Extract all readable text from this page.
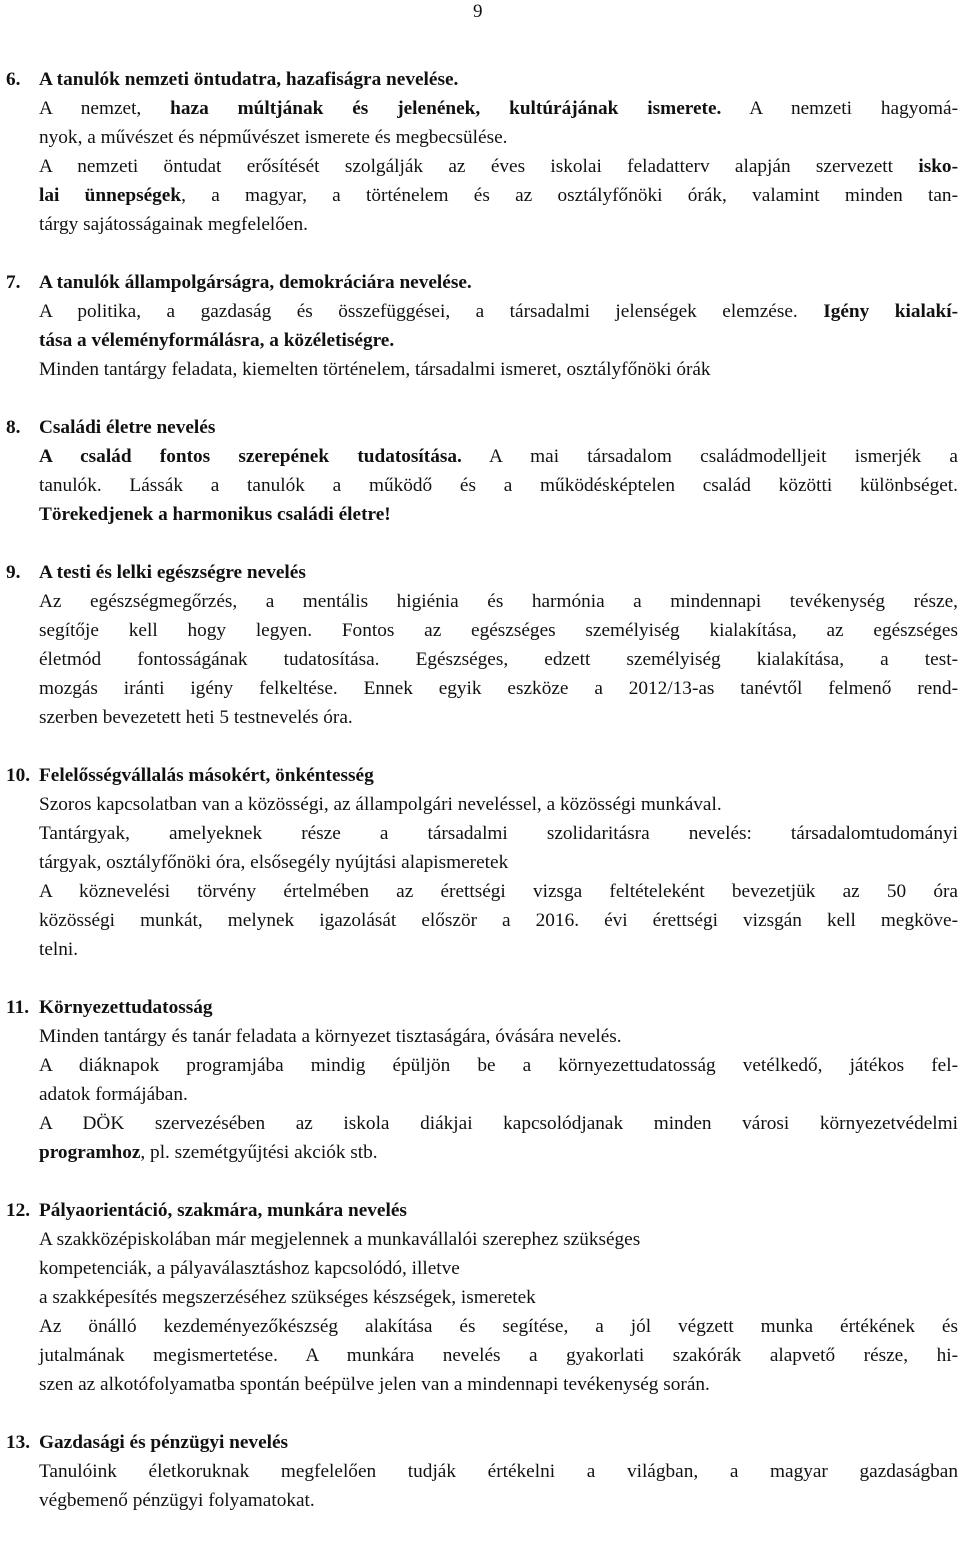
9
6. A tanulók nemzeti öntudatra, hazafiságra nevelése.
A nemzet, haza múltjának és jelenének, kultúrájának ismerete. A nemzeti hagyomá-
nyok, a művészet és népművészet ismerete és megbecsülése.
A nemzeti öntudat erősítését szolgálják az éves iskolai feladatterv alapján szervezett isko-
lai ünnepségek, a magyar, a történelem és az osztályfőnöki órák, valamint minden tan-
tárgy sajátosságainak megfelelően.
7. A tanulók állampolgárságra, demokráciára nevelése.
A politika, a gazdaság és összefüggései, a társadalmi jelenségek elemzése. Igény kialakí-
tása a véleményformálásra, a közéletiségre.
Minden tantárgy feladata, kiemelten történelem, társadalmi ismeret, osztályfőnöki órák
8. Családi életre nevelés
A család fontos szerepének tudatosítása. A mai társadalom családmodelljeit ismerjék a
tanulók. Lássák a tanulók a működő és a működésképtelen család közötti különbséget.
Törekedjenek a harmonikus családi életre!
9. A testi és lelki egészségre nevelés
Az egészségmegőrzés, a mentális higiénia és harmónia a mindennapi tevékenység része,
segítője kell hogy legyen. Fontos az egészséges személyiség kialakítása, az egészséges
életmód fontosságának tudatosítása. Egészséges, edzett személyiség kialakítása, a test-
mozgás iránti igény felkeltése. Ennek egyik eszköze a 2012/13-as tanévtől felmenő rend-
szerben bevezetett heti 5 testnevelés óra.
10. Felelősségvállalás másokért, önkéntesség
Szoros kapcsolatban van a közösségi, az állampolgári neveléssel, a közösségi munkával.
Tantárgyak, amelyeknek része a társadalmi szolidaritásra nevelés: társadalomtudományi
tárgyak, osztályfőnöki óra, elsősegély nyújtási alapismeretek
A köznevelési törvény értelmében az érettségi vizsga feltételeként bevezetjük az 50 óra
közösségi munkát, melynek igazolását először a 2016. évi érettségi vizsgán kell megköve-
telni.
11. Környezettudatosság
Minden tantárgy és tanár feladata a környezet tisztaságára, óvására nevelés.
A diáknapok programjába mindig épüljön be a környezettudatosság vetélkedő, játékos fel-
adatok formájában.
A DÖK szervezésében az iskola diákjai kapcsolódjanak minden városi környezetvédelmi
programhoz, pl. szemétgyűjtési akciók stb.
12. Pályaorientáció, szakmára, munkára nevelés
A szakközépiskolában már megjelennek a munkavállalói szerephez szükséges
kompetenciák, a pályaválasztáshoz kapcsolódó, illetve
a szakképesítés megszerzéséhez szükséges készségek, ismeretek
Az önálló kezdeményezőkészség alakítása és segítése, a jól végzett munka értékének és
jutalmának megismertetése. A munkára nevelés a gyakorlati szakórák alapvető része, hi-
szen az alkotófolyamatba spontán beépülve jelen van a mindennapi tevékenység során.
13. Gazdasági és pénzügyi nevelés
Tanulóink életkoruknak megfelelően tudják értékelni a világban, a magyar gazdaságban
végbemenő pénzügyi folyamatokat.
